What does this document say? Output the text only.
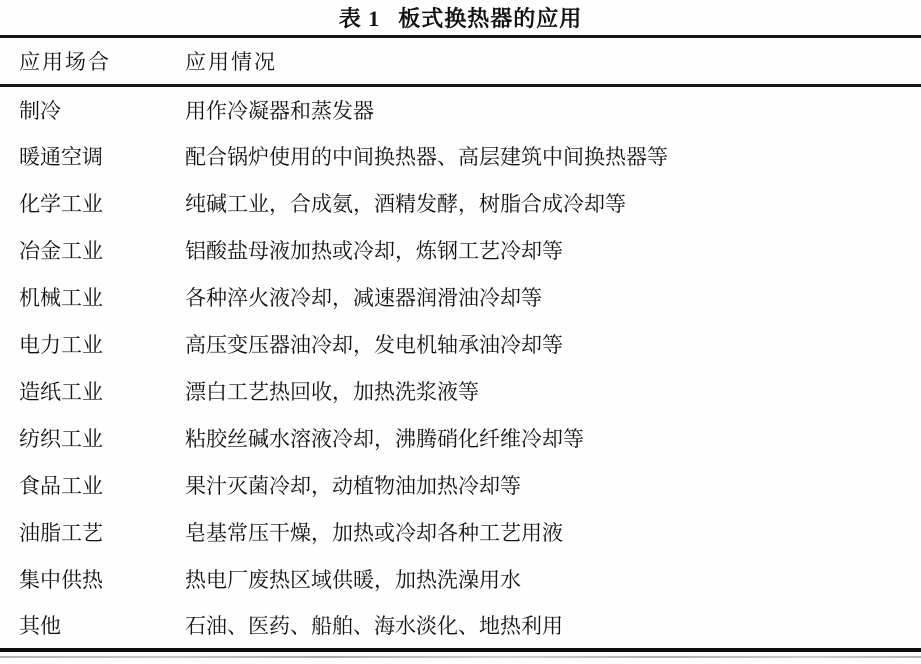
表 1 板式换热器的应用
应用场合	应用情况
制冷	用作冷凝器和蒸发器
暖通空调	配合锅炉使用的中间换热器、高层建筑中间换热器等
化学工业	纯碱工业，合成氨，酒精发酵，树脂合成冷却等
冶金工业	铝酸盐母液加热或冷却，炼钢工艺冷却等
机械工业	各种淬火液冷却，减速器润滑油冷却等
电力工业	高压变压器油冷却，发电机轴承油冷却等
造纸工业	漂白工艺热回收，加热洗浆液等
纺织工业	粘胶丝碱水溶液冷却，沸腾硝化纤维冷却等
食品工业	果汁灭菌冷却，动植物油加热冷却等
油脂工艺	皂基常压干燥，加热或冷却各种工艺用液
集中供热	热电厂废热区域供暖，加热洗澡用水
其他	石油、医药、船舶、海水淡化、地热利用
